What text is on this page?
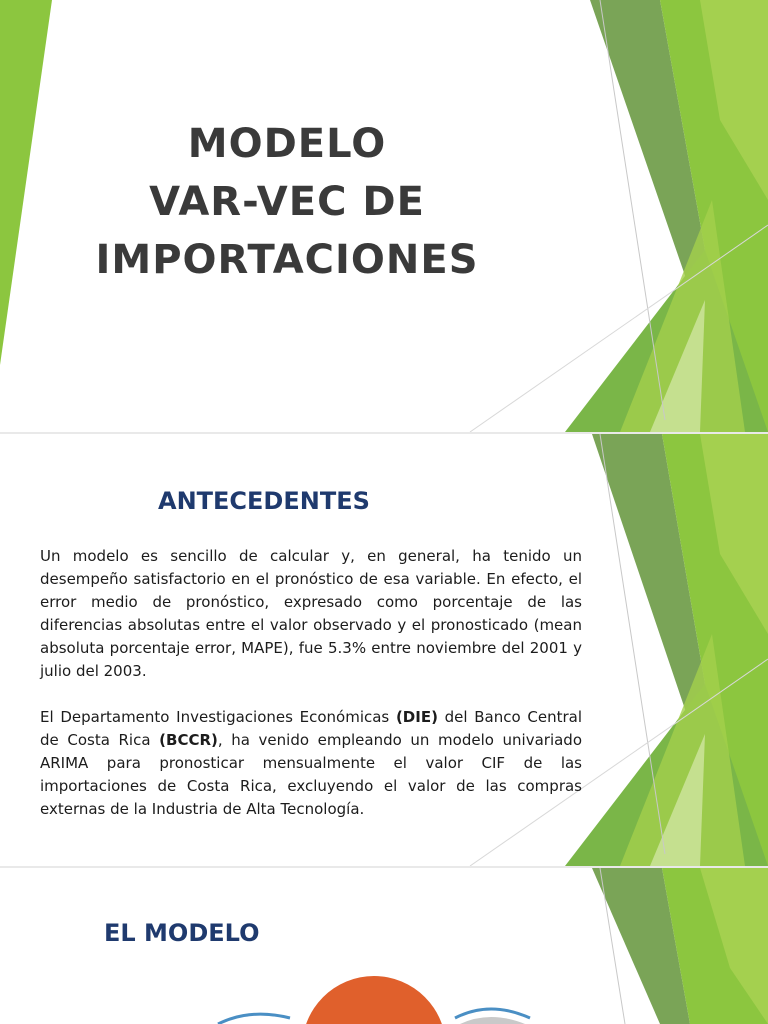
MODELO
VAR-VEC DE
IMPORTACIONES
ANTECEDENTES

Un modelo es sencillo de calcular y, en general, ha tenido un desempeño satisfactorio en el pronóstico de esa variable. En efecto, el error medio de pronóstico, expresado como porcentaje de las diferencias absolutas entre el valor observado y el pronosticado (mean absoluta porcentaje error, MAPE), fue 5.3% entre noviembre del 2001 y julio del 2003.

El Departamento Investigaciones Económicas (DIE) del Banco Central de Costa Rica (BCCR), ha venido empleando un modelo univariado ARIMA para pronosticar mensualmente el valor CIF de las importaciones de Costa Rica, excluyendo el valor de las compras externas de la Industria de Alta Tecnología.

EL MODELO
